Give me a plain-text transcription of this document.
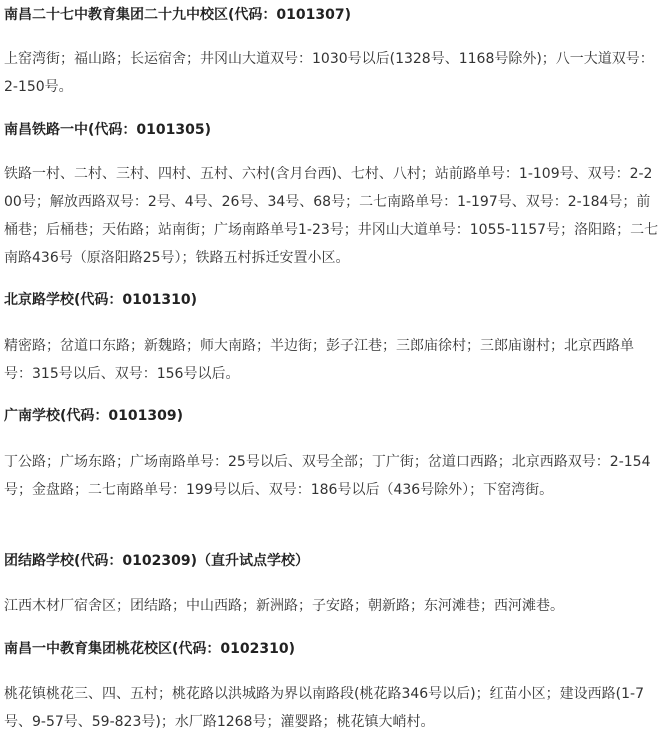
南昌二十七中教育集团二十九中校区(代码：0101307)
上窑湾街；福山路；长运宿舍；井冈山大道双号：1030号以后(1328号、1168号除外)；八一大道双号：2-150号。
南昌铁路一中(代码：0101305)
铁路一村、二村、三村、四村、五村、六村(含月台西)、七村、八村；站前路单号：1-109号、双号：2-200号；解放西路双号：2号、4号、26号、34号、68号；二七南路单号：1-197号、双号：2-184号；前桶巷；后桶巷；天佑路；站南街；广场南路单号1-23号；井冈山大道单号：1055-1157号；洛阳路；二七南路436号（原洛阳路25号）；铁路五村拆迁安置小区。
北京路学校(代码：0101310)
精密路；岔道口东路；新魏路；师大南路；半边街；彭子江巷；三郎庙徐村；三郎庙谢村；北京西路单号：315号以后、双号：156号以后。
广南学校(代码：0101309)
丁公路；广场东路；广场南路单号：25号以后、双号全部；丁广街；岔道口西路；北京西路双号：2-154号；金盘路；二七南路单号：199号以后、双号：186号以后（436号除外）；下窑湾街。
团结路学校(代码：0102309)（直升试点学校）
江西木材厂宿舍区；团结路；中山西路；新洲路；子安路；朝新路；东河滩巷；西河滩巷。
南昌一中教育集团桃花校区(代码：0102310)
桃花镇桃花三、四、五村；桃花路以洪城路为界以南路段(桃花路346号以后)；红苗小区；建设西路(1-7号、9-57号、59-823号)；水厂路1268号；灌婴路；桃花镇大峭村。
